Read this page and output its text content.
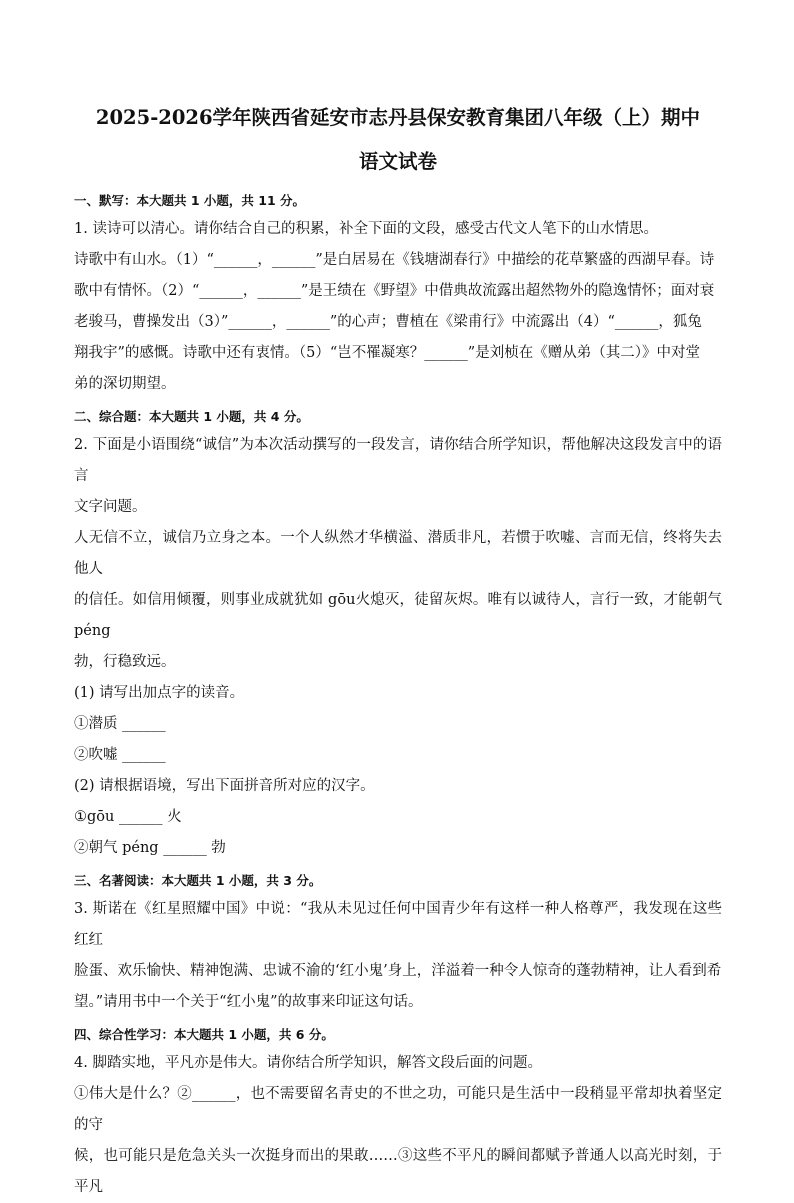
2025-2026学年陕西省延安市志丹县保安教育集团八年级（上）期中
语文试卷
一、默写：本大题共 1 小题，共 11 分。

1. 读诗可以清心。请你结合自己的积累，补全下面的文段，感受古代文人笔下的山水情思。

诗歌中有山水。（1）“______，______”是白居易在《钱塘湖春行》中描绘的花草繁盛的西湖早春。诗

歌中有情怀。（2）“______，______”是王绩在《野望》中借典故流露出超然物外的隐逸情怀；面对衰

老骏马，曹操发出（3）”______，______”的心声；曹植在《梁甫行》中流露出（4）“______，狐兔

翔我宇”的感慨。诗歌中还有衷情。（5）“岂不罹凝寒？______”是刘桢在《赠从弟（其二）》中对堂

弟的深切期望。

二、综合题：本大题共 1 小题，共 4 分。

2. 下面是小语围绕“诚信”为本次活动撰写的一段发言，请你结合所学知识，帮他解决这段发言中的语言

文字问题。

人无信不立，诚信乃立身之本。一个人纵然才华横溢、潜质非凡，若惯于吹嘘、言而无信，终将失去他人

的信任。如信用倾覆，则事业成就犹如 gōu火熄灭，徒留灰烬。唯有以诚待人，言行一致，才能朝气 péng

勃，行稳致远。

(1) 请写出加点字的读音。

①潜质 ______

②吹嘘 ______

(2) 请根据语境，写出下面拼音所对应的汉字。

①gōu ______ 火

②朝气 péng ______ 勃

三、名著阅读：本大题共 1 小题，共 3 分。

3. 斯诺在《红星照耀中国》中说：“我从未见过任何中国青少年有这样一种人格尊严，我发现在这些红红

脸蛋、欢乐愉快、精神饱满、忠诚不渝的‘红小鬼’身上，洋溢着一种令人惊奇的蓬勃精神，让人看到希

望。”请用书中一个关于“红小鬼”的故事来印证这句话。

四、综合性学习：本大题共 1 小题，共 6 分。

4. 脚踏实地，平凡亦是伟大。请你结合所学知识，解答文段后面的问题。

①伟大是什么？②______，也不需要留名青史的不世之功，可能只是生活中一段稍显平常却执着坚定的守

候，也可能只是危急关头一次挺身而出的果敢……③这些不平凡的瞬间都赋予普通人以高光时刻，于平凡
